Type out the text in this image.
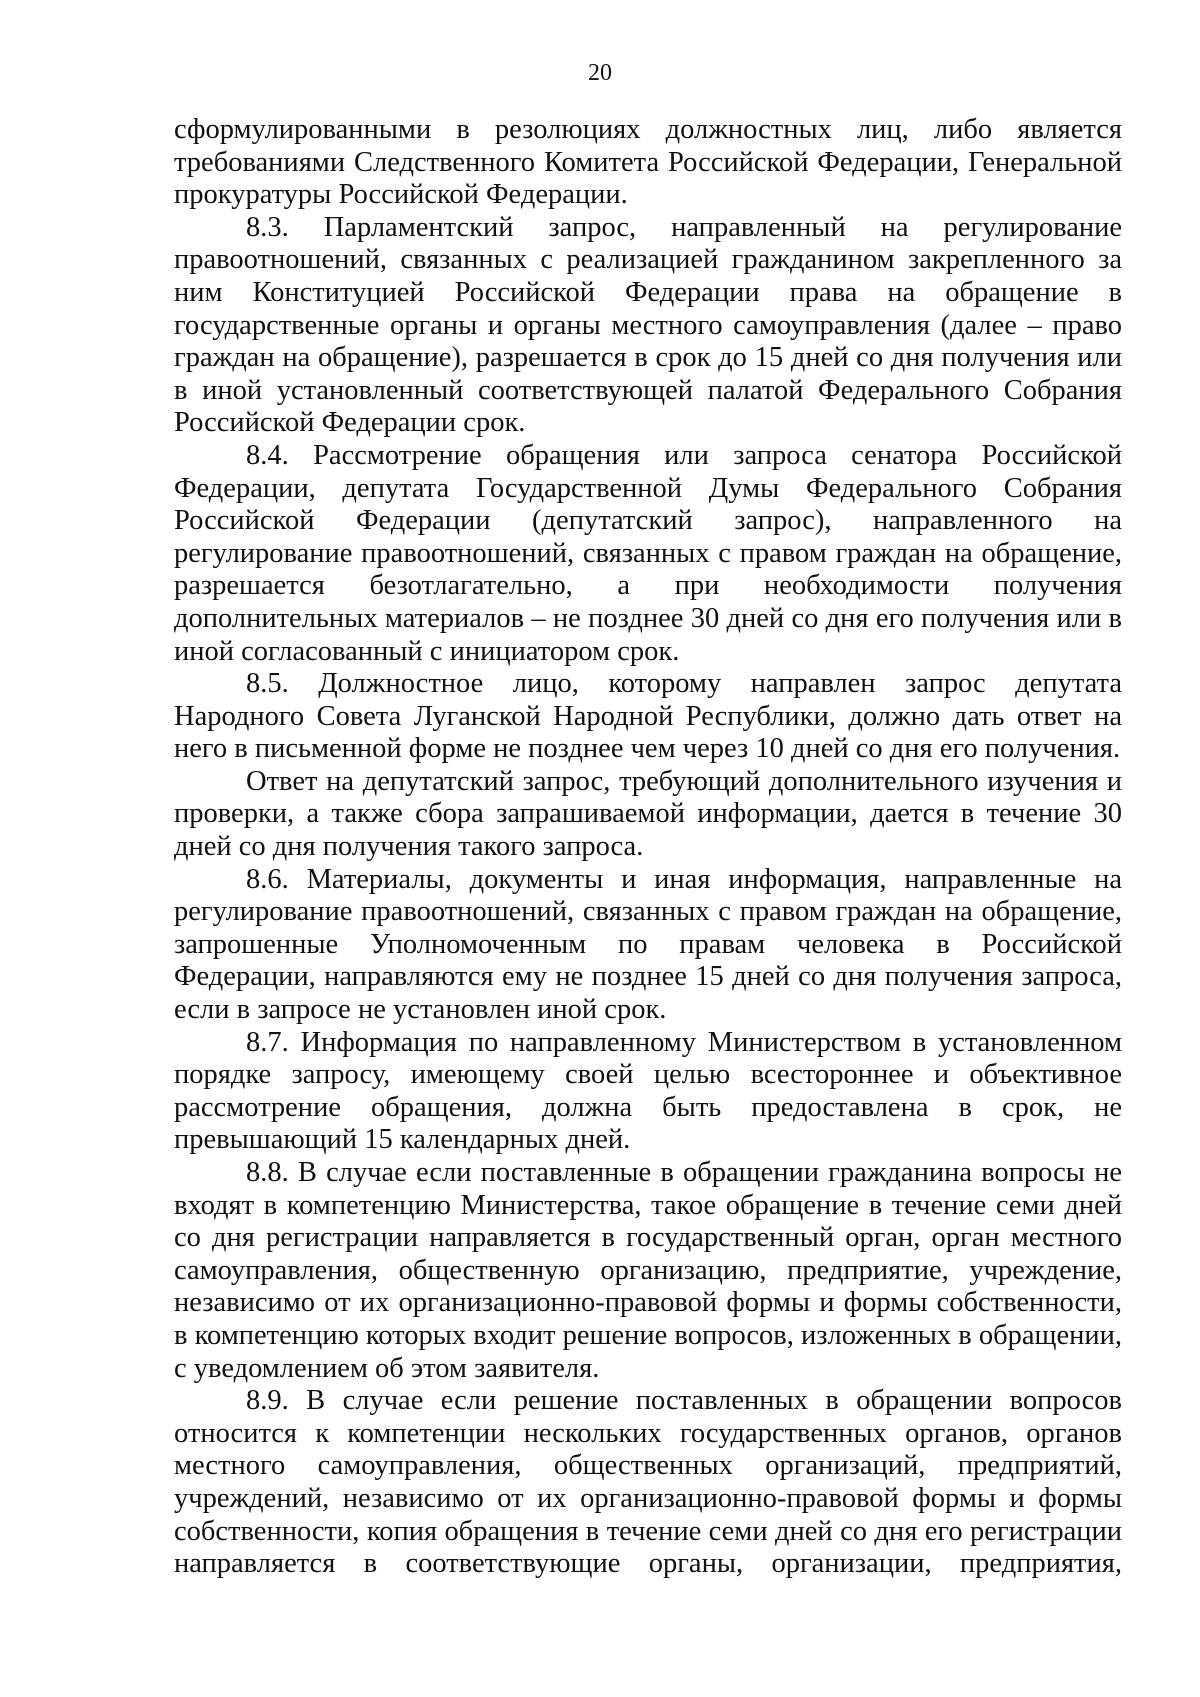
20

сформулированными в резолюциях должностных лиц, либо является требованиями Следственного Комитета Российской Федерации, Генеральной прокуратуры Российской Федерации.

8.3. Парламентский запрос, направленный на регулирование правоотношений, связанных с реализацией гражданином закрепленного за ним Конституцией Российской Федерации права на обращение в государственные органы и органы местного самоуправления (далее – право граждан на обращение), разрешается в срок до 15 дней со дня получения или в иной установленный соответствующей палатой Федерального Собрания Российской Федерации срок.

8.4. Рассмотрение обращения или запроса сенатора Российской Федерации, депутата Государственной Думы Федерального Собрания Российской Федерации (депутатский запрос), направленного на регулирование правоотношений, связанных с правом граждан на обращение, разрешается безотлагательно, а при необходимости получения дополнительных материалов – не позднее 30 дней со дня его получения или в иной согласованный с инициатором срок.

8.5. Должностное лицо, которому направлен запрос депутата Народного Совета Луганской Народной Республики, должно дать ответ на него в письменной форме не позднее чем через 10 дней со дня его получения.

Ответ на депутатский запрос, требующий дополнительного изучения и проверки, а также сбора запрашиваемой информации, дается в течение 30 дней со дня получения такого запроса.

8.6. Материалы, документы и иная информация, направленные на регулирование правоотношений, связанных с правом граждан на обращение, запрошенные Уполномоченным по правам человека в Российской Федерации, направляются ему не позднее 15 дней со дня получения запроса, если в запросе не установлен иной срок.

8.7. Информация по направленному Министерством в установленном порядке запросу, имеющему своей целью всестороннее и объективное рассмотрение обращения, должна быть предоставлена в срок, не превышающий 15 календарных дней.

8.8. В случае если поставленные в обращении гражданина вопросы не входят в компетенцию Министерства, такое обращение в течение семи дней со дня регистрации направляется в государственный орган, орган местного самоуправления, общественную организацию, предприятие, учреждение, независимо от их организационно-правовой формы и формы собственности, в компетенцию которых входит решение вопросов, изложенных в обращении, с уведомлением об этом заявителя.

8.9. В случае если решение поставленных в обращении вопросов относится к компетенции нескольких государственных органов, органов местного самоуправления, общественных организаций, предприятий, учреждений, независимо от их организационно-правовой формы и формы собственности, копия обращения в течение семи дней со дня его регистрации направляется в соответствующие органы, организации, предприятия,
